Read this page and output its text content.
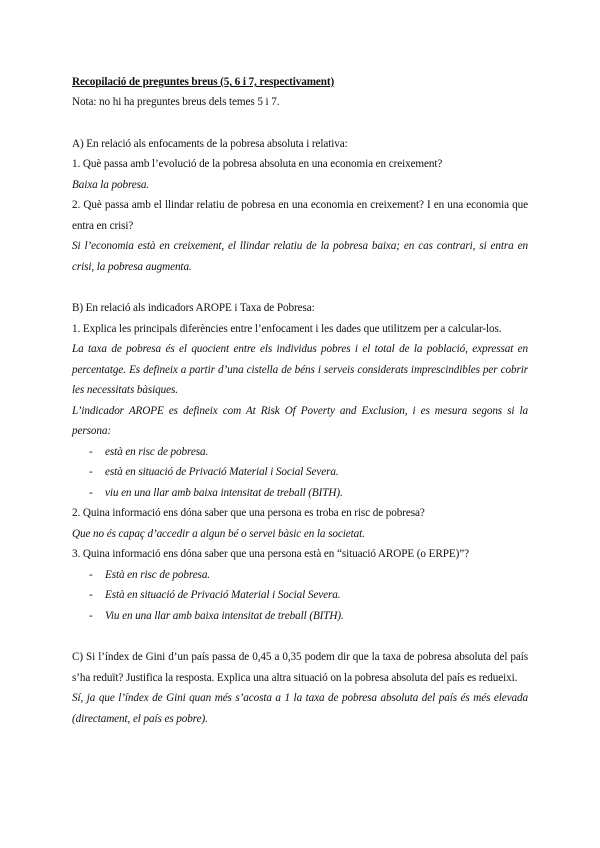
Recopilació de preguntes breus (5, 6 i 7, respectivament)

Nota: no hi ha preguntes breus dels temes 5 i 7.

A) En relació als enfocaments de la pobresa absoluta i relativa:

1. Què passa amb l’evolució de la pobresa absoluta en una economia en creixement?

Baixa la pobresa.

2. Què passa amb el llindar relatiu de pobresa en una economia en creixement? I en una economia que entra en crisi?

Si l’economia està en creixement, el llindar relatiu de la pobresa baixa; en cas contrari, si entra en crisi, la pobresa augmenta.

B) En relació als indicadors AROPE i Taxa de Pobresa:

1. Explica les principals diferències entre l’enfocament i les dades que utilitzem per a calcular-los.

La taxa de pobresa és el quocient entre els individus pobres i el total de la població, expressat en percentatge. Es defineix a partir d’una cistella de béns i serveis considerats imprescindibles per cobrir les necessitats bàsiques.

L’indicador AROPE es defineix com At Risk Of Poverty and Exclusion, i es mesura segons si la persona:

- està en risc de pobresa.
- està en situació de Privació Material i Social Severa.
- viu en una llar amb baixa intensitat de treball (BITH).

2. Quina informació ens dóna saber que una persona es troba en risc de pobresa?

Que no és capaç d’accedir a algun bé o servei bàsic en la societat.

3. Quina informació ens dóna saber que una persona està en “situació AROPE (o ERPE)”?

- Està en risc de pobresa.
- Està en situació de Privació Material i Social Severa.
- Viu en una llar amb baixa intensitat de treball (BITH).

C) Si l’índex de Gini d’un país passa de 0,45 a 0,35 podem dir que la taxa de pobresa absoluta del país s’ha reduït? Justifica la resposta. Explica una altra situació on la pobresa absoluta del país es redueixi.

Sí, ja que l’índex de Gini quan més s’acosta a 1 la taxa de pobresa absoluta del país és més elevada (directament, el país es pobre).
